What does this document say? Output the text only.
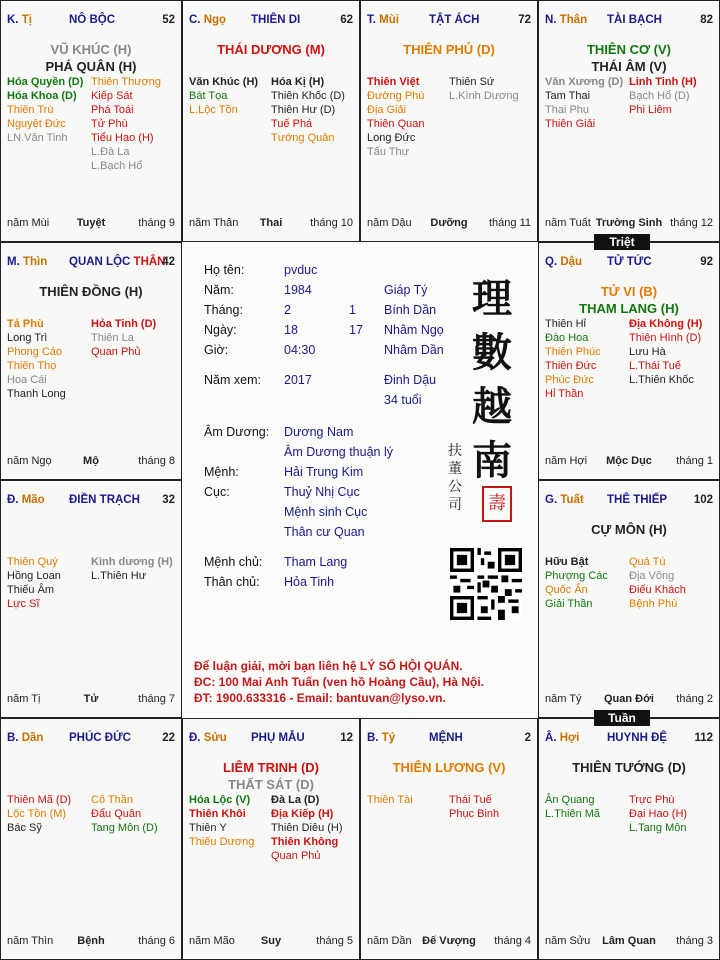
K. Tị	NÔ BỘC	52
VŨ KHÚC (H)
PHÁ QUÂN (H)
Hóa Quyền (D)
Hóa Khoa (D)
Thiên Trù
Nguyệt Đức
LN.Văn Tinh
Thiên Thương
Kiếp Sát
Phá Toái
Tử Phù
Tiểu Hao (H)
L.Đà La
L.Bạch Hổ
năm Mùi	Tuyệt	tháng 9
C. Ngọ THIÊN DI	62
THÁI DƯƠNG (M)
Văn Khúc (H)
Bát Tọa
L.Lộc Tồn
Hóa Kị (H)
Thiên Khốc (D)
Thiên Hư (D)
Tuế Phá
Tướng Quân
năm Thân	Thai	tháng 10
T. Mùi	TẬT ÁCH	72
THIÊN PHỦ (D)
Thiên Việt
Đường Phù
Địa Giải
Thiên Quan
Long Đức
Tấu Thư
Thiên Sứ
L.Kình Dương
năm Dậu	Dưỡng	tháng 11
N. Thân TÀI BẠCH	82
THIÊN CƠ (V)
THÁI ÂM (V)
Văn Xương (D)
Tam Thai
Thai Phụ
Thiên Giải
Linh Tinh (H)
Bạch Hổ (D)
Phi Liêm
năm Tuất Trường Sinh tháng 12
M. Thìn QUAN LỘC THÂN
42
THIÊN ĐỒNG (H)
Tả Phù
Long Trì
Phong Cáo
Thiên Thọ
Hoa Cái
Thanh Long
Hỏa Tinh (D)
Thiên La
Quan Phủ
năm Ngọ	Mộ	tháng 8
Q. Dậu TỬ TỨC	92
TỬ VI (B)
THAM LANG (H)
Thiên Hỉ
Đào Hoa
Thiên Phúc
Thiên Đức
Phúc Đức
Hỉ Thần
Địa Không (H)
Thiên Hình (D)
Lưu Hà
L.Thái Tuế
L.Thiên Khốc
năm Hợi	Mộc Dục	tháng 1
Đ. Mão ĐIỀN TRẠCH 32
Thiên Quý
Hồng Loan
Thiếu Âm
Lực Sĩ
Kình dương (H)
L.Thiên Hư
năm Tị	Tử	tháng 7
G. Tuất THÊ THIẾP 102
CỰ MÔN (H)
Hữu Bật
Phượng Các
Quốc Ấn
Giải Thần
Quả Tú
Địa Võng
Điếu Khách
Bệnh Phù
năm Tý	Quan Đới	tháng 2
B. Dần PHÚC ĐỨC	22
Thiên Mã (D)
Lộc Tồn (M)
Bác Sỹ
Cô Thần
Đẩu Quân
Tang Môn (D)
năm Thìn	Bệnh	tháng 6
Đ. Sửu PHỤ MẪU	12
LIÊM TRINH (D)
THẤT SÁT (D)
Hóa Lộc (V)
Thiên Khôi
Thiên Y
Thiếu Dương
Đà La (D)
Địa Kiếp (H)
Thiên Diêu (H)
Thiên Không
Quan Phủ
năm Mão	Suy	tháng 5
B. Tý	MỆNH	2
THIÊN LƯƠNG (V)
Thiên Tài	Thái Tuế
Phục Binh
năm Dần Đế Vượng	tháng 4
Â. Hợi HUYNH ĐỆ 112
THIÊN TƯỚNG (D)
Ân Quang
L.Thiên Mã
Trực Phù
Đại Hao (H)
L.Tang Môn
năm Sửu	Lâm Quan	tháng 3
Họ tên:	pvduc
Năm:	1984	Giáp Tý
Tháng:	2	1 Bính Dần
Ngày:	18	17 Nhâm Ngọ
Giờ:	04:30	Nhâm Dần
Năm xem: 2017	Đinh Dậu
34 tuổi
Âm Dương: Dương Nam
Âm Dương thuận lý
Mệnh:	Hải Trung Kim
Cục:	Thuỷ Nhị Cục
Mệnh sinh Cục
Thân cư Quan
Mệnh chủ: Tham Lang
Thân chủ: Hỏa Tinh
理
數
越
南
扶
董
公
司	壽
Để luận giải, mời bạn liên hệ LÝ SỐ HỘI QUÁN.
ĐC: 100 Mai Anh Tuấn (ven hồ Hoàng Cầu), Hà Nội.
ĐT: 1900.633316 - Email: bantuvan@lyso.vn.
Triệt
Tuần
